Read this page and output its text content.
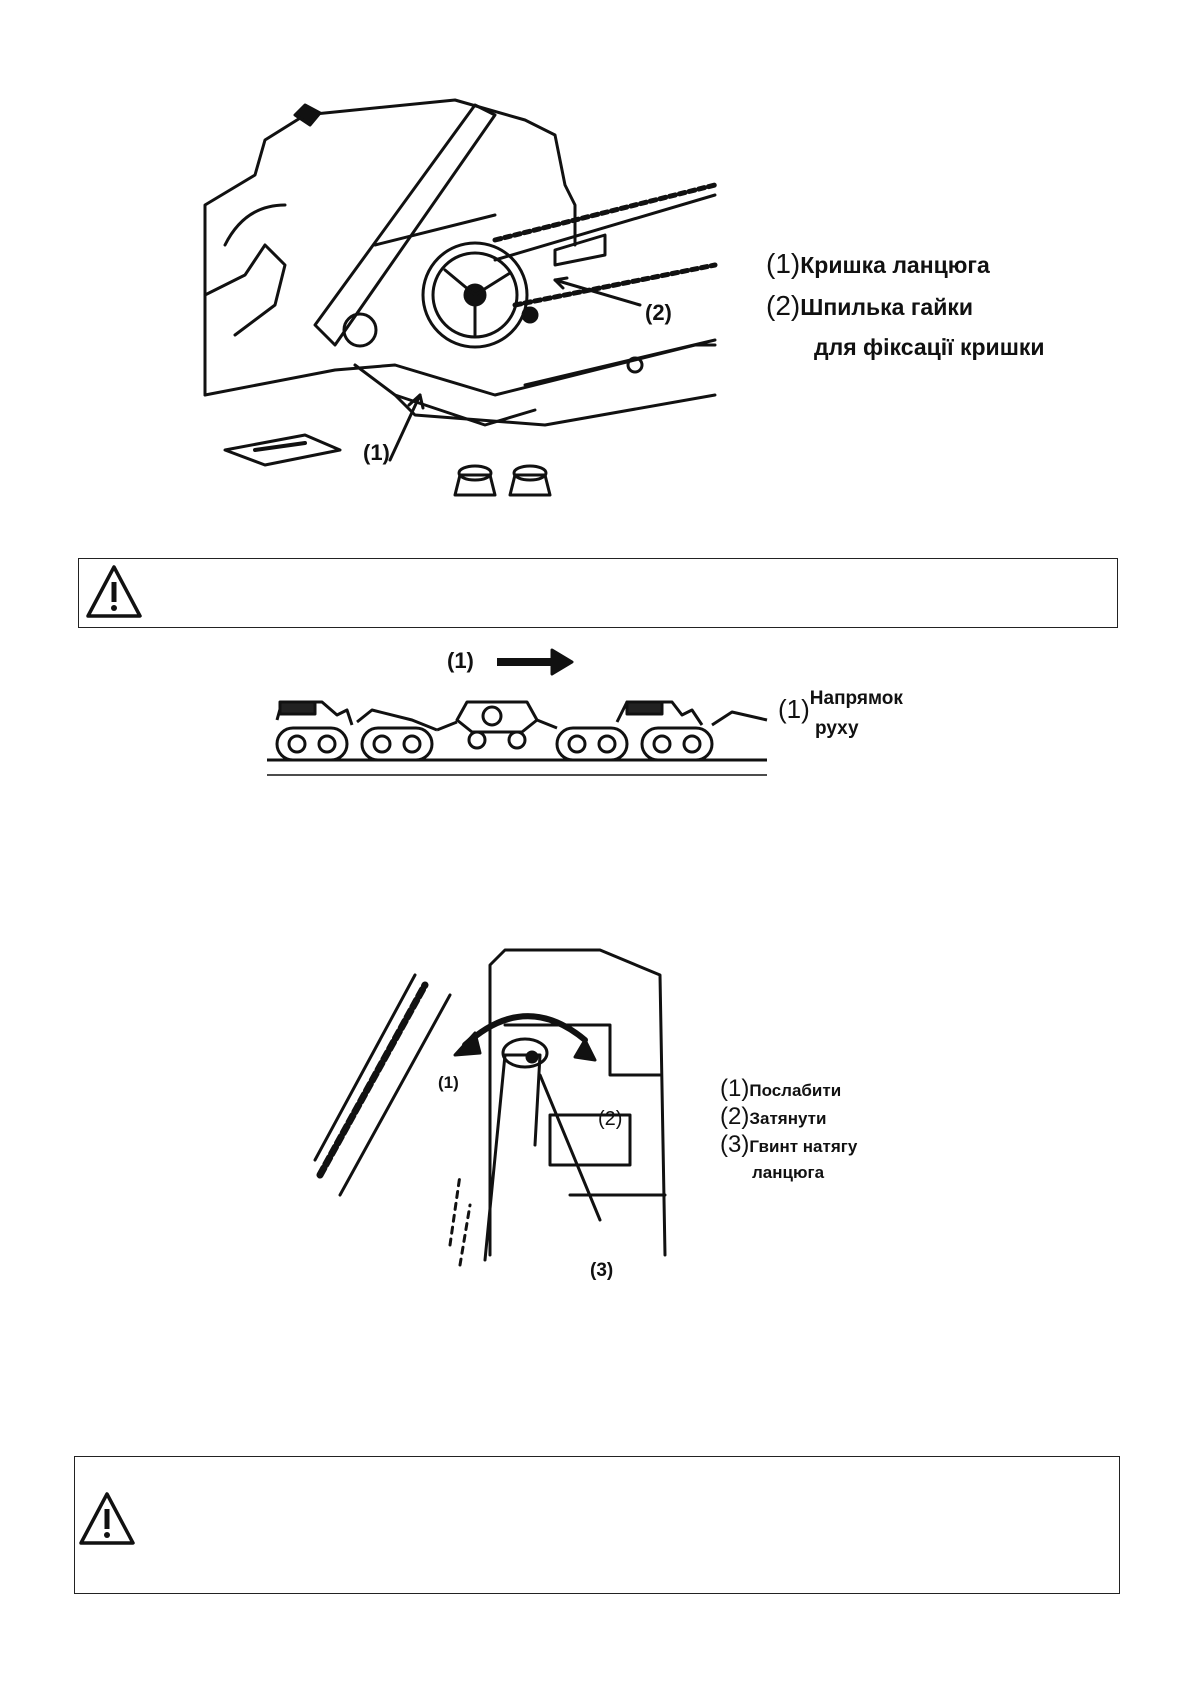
(1)
(2)
(1)Кришка ланцюга
(2)Шпилька гайки
для фіксації кришки
(1)
(1)Напрямок
руху
(1)
(2)
(3)
(1)Послабити
(2)Затянути
(3)Гвинт натягу
ланцюга
